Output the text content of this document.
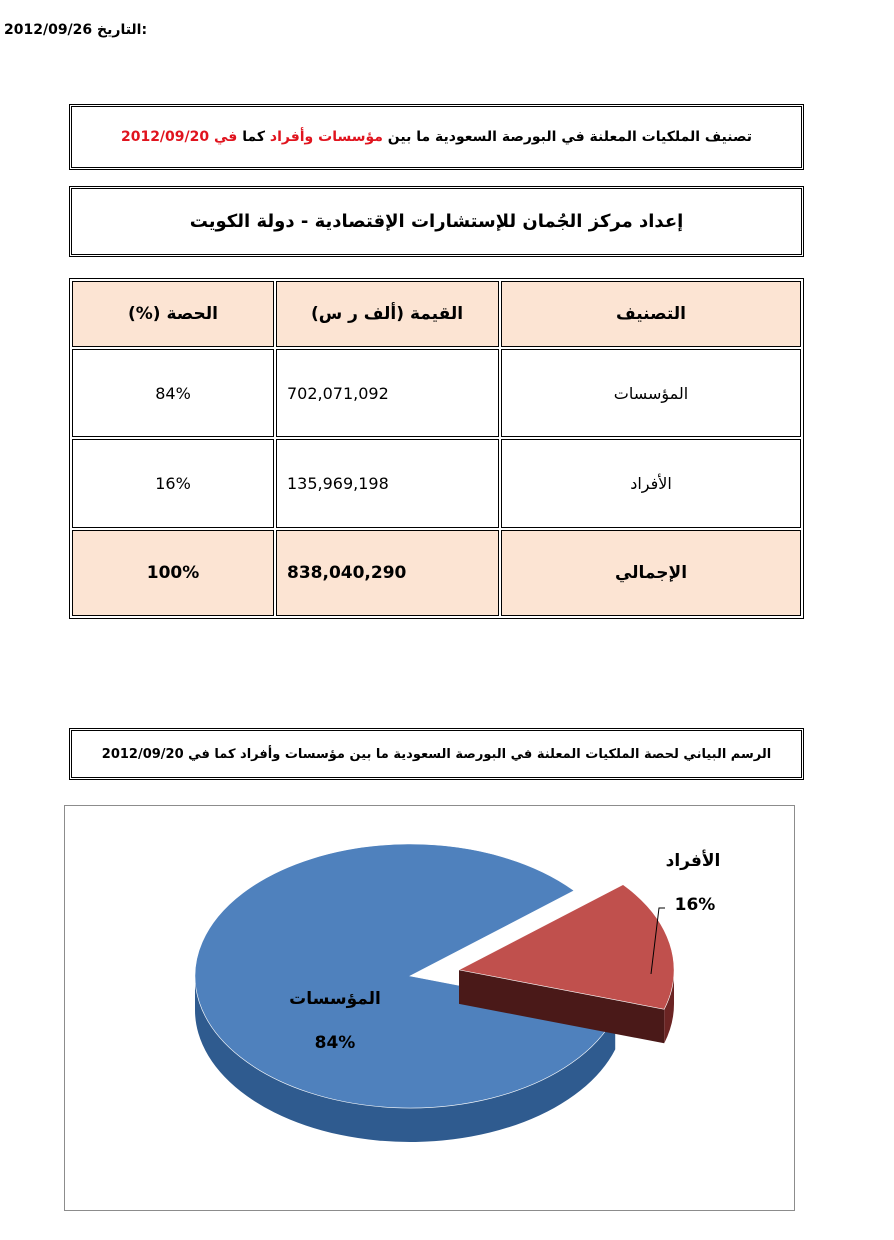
2012/09/26 التاريخ:
تصنيف الملكيات المعلنة في البورصة السعودية ما بين مؤسسات وأفراد كما في 2012/09/20
إعداد مركز الجُمان للإستشارات الإقتصادية - دولة الكويت
التصنيف	القيمة (ألف ر س)	الحصة (%)
المؤسسات	702,071,092	84%
الأفراد	135,969,198	16%
الإجمالي	838,040,290	100%
الرسم البياني لحصة الملكيات المعلنة في البورصة السعودية ما بين مؤسسات وأفراد كما في 2012/09/20
المؤسسات
84%
الأفراد
16%
